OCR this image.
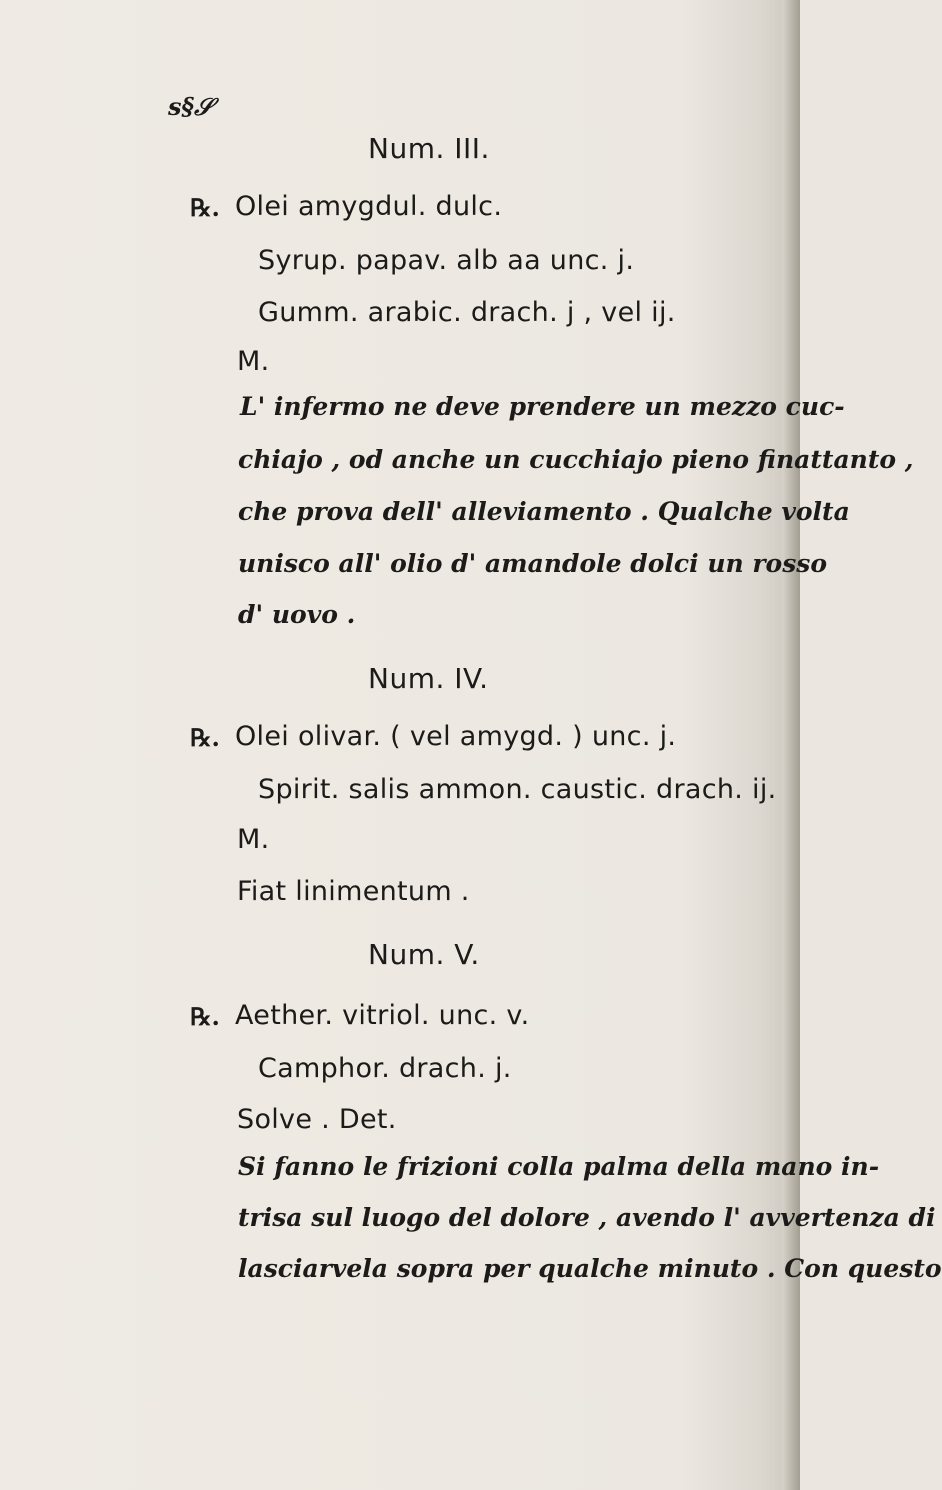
s§𝒮
Num. III.
℞. Olei amygdul. dulc.
Syrup. papav. alb aa unc. j.
Gumm. arabic. drach. j , vel ij.
M.
L' infermo ne deve prendere un mezzo cuc-
chiajo , od anche un cucchiajo pieno finattanto ,
che prova dell' alleviamento . Qualche volta
unisco all' olio d' amandole dolci un rosso
d' uovo .
Num. IV.
℞. Olei olivar. ( vel amygd. ) unc. j.
Spirit. salis ammon. caustic. drach. ij.
M.
Fiat linimentum .
Num. V.
℞. Aether. vitriol. unc. v.
Camphor. drach. j.
Solve . Det.
Si fanno le frizioni colla palma della mano in-
trisa sul luogo del dolore , avendo l' avvertenza di
lasciarvela sopra per qualche minuto . Con questo
